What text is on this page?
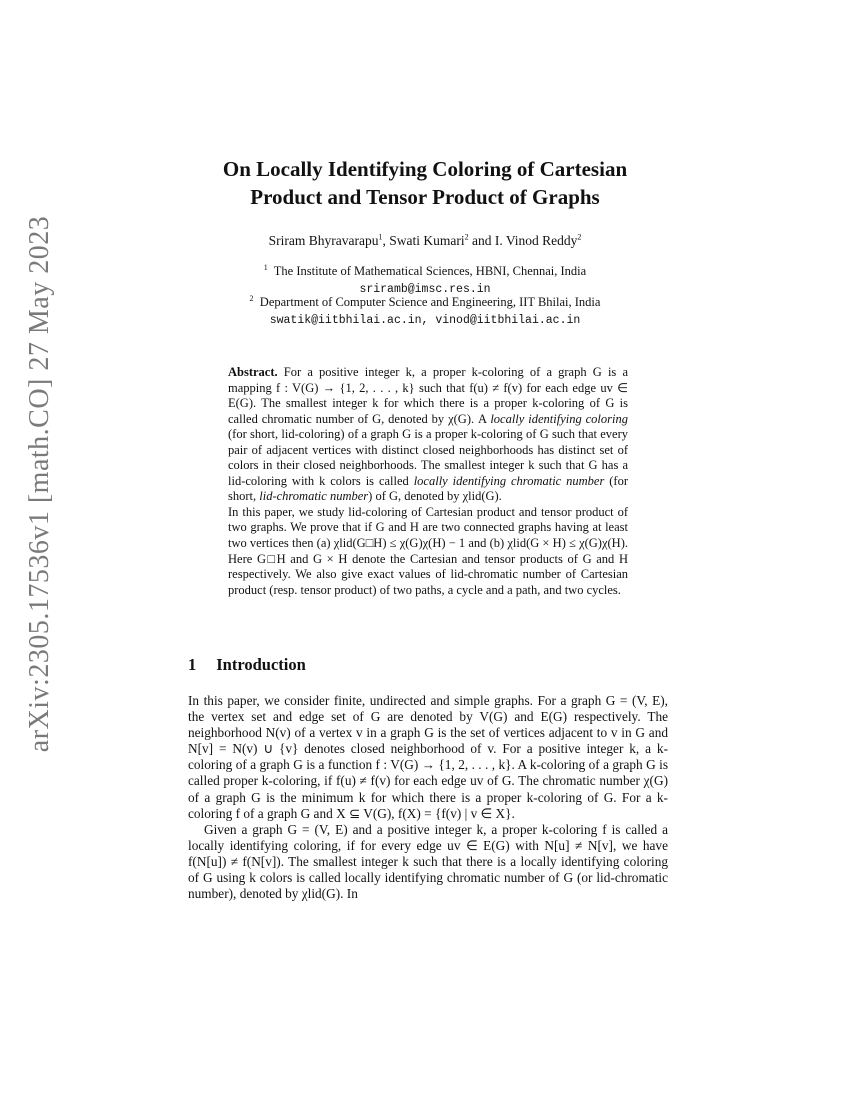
arXiv:2305.17536v1 [math.CO] 27 May 2023
On Locally Identifying Coloring of Cartesian
Product and Tensor Product of Graphs
Sriram Bhyravarapu$^1$, Swati Kumari$^2$ and I. Vinod Reddy$^2$
$^1$ The Institute of Mathematical Sciences, HBNI, Chennai, India
sriramb@imsc.res.in
$^2$ Department of Computer Science and Engineering, IIT Bhilai, India
swatik@iitbhilai.ac.in, vinod@iitbhilai.ac.in

Abstract. For a positive integer k, a proper k-coloring of a graph G is a mapping f : V(G) → {1, 2, . . . , k} such that f(u) ≠ f(v) for each edge uv ∈ E(G). The smallest integer k for which there is a proper k-coloring of G is called chromatic number of G, denoted by χ(G). A locally identifying coloring (for short, lid-coloring) of a graph G is a proper k-coloring of G such that every pair of adjacent vertices with distinct closed neighborhoods has distinct set of colors in their closed neighborhoods. The smallest integer k such that G has a lid-coloring with k colors is called locally identifying chromatic number (for short, lid-chromatic number) of G, denoted by χlid(G).

In this paper, we study lid-coloring of Cartesian product and tensor product of two graphs. We prove that if G and H are two connected graphs having at least two vertices then (a) χlid(G□H) ≤ χ(G)χ(H) − 1 and (b) χlid(G × H) ≤ χ(G)χ(H). Here G□H and G × H denote the Cartesian and tensor products of G and H respectively. We also give exact values of lid-chromatic number of Cartesian product (resp. tensor product) of two paths, a cycle and a path, and two cycles.

1 Introduction

In this paper, we consider finite, undirected and simple graphs. For a graph G = (V, E), the vertex set and edge set of G are denoted by V(G) and E(G) respectively. The neighborhood N(v) of a vertex v in a graph G is the set of vertices adjacent to v in G and N[v] = N(v) ∪ {v} denotes closed neighborhood of v. For a positive integer k, a k-coloring of a graph G is a function f : V(G) → {1, 2, . . . , k}. A k-coloring of a graph G is called proper k-coloring, if f(u) ≠ f(v) for each edge uv of G. The chromatic number χ(G) of a graph G is the minimum k for which there is a proper k-coloring of G. For a k-coloring f of a graph G and X ⊆ V(G), f(X) = {f(v) | v ∈ X}.

Given a graph G = (V, E) and a positive integer k, a proper k-coloring f is called a locally identifying coloring, if for every edge uv ∈ E(G) with N[u] ≠ N[v], we have f(N[u]) ≠ f(N[v]). The smallest integer k such that there is a locally identifying coloring of G using k colors is called locally identifying chromatic number of G (or lid-chromatic number), denoted by χlid(G). In
